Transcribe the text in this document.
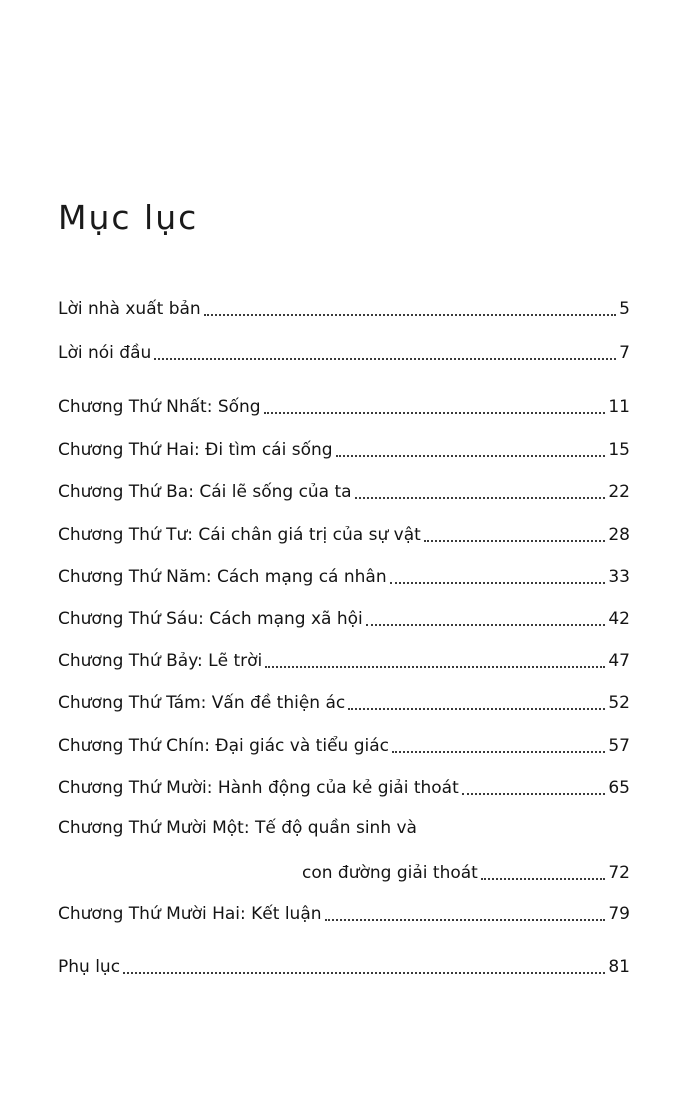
Mục lục
Lời nhà xuất bản	5
Lời nói đầu	7
Chương Thứ Nhất: Sống	11
Chương Thứ Hai: Đi tìm cái sống	15
Chương Thứ Ba: Cái lẽ sống của ta	22
Chương Thứ Tư: Cái chân giá trị của sự vật	28
Chương Thứ Năm: Cách mạng cá nhân	33
Chương Thứ Sáu: Cách mạng xã hội	42
Chương Thứ Bảy: Lẽ trời	47
Chương Thứ Tám: Vấn đề thiện ác	52
Chương Thứ Chín: Đại giác và tiểu giác	57
Chương Thứ Mười: Hành động của kẻ giải thoát	65
Chương Thứ Mười Một: Tế độ quần sinh và
con đường giải thoát	72
Chương Thứ Mười Hai: Kết luận	79
Phụ lục	81
